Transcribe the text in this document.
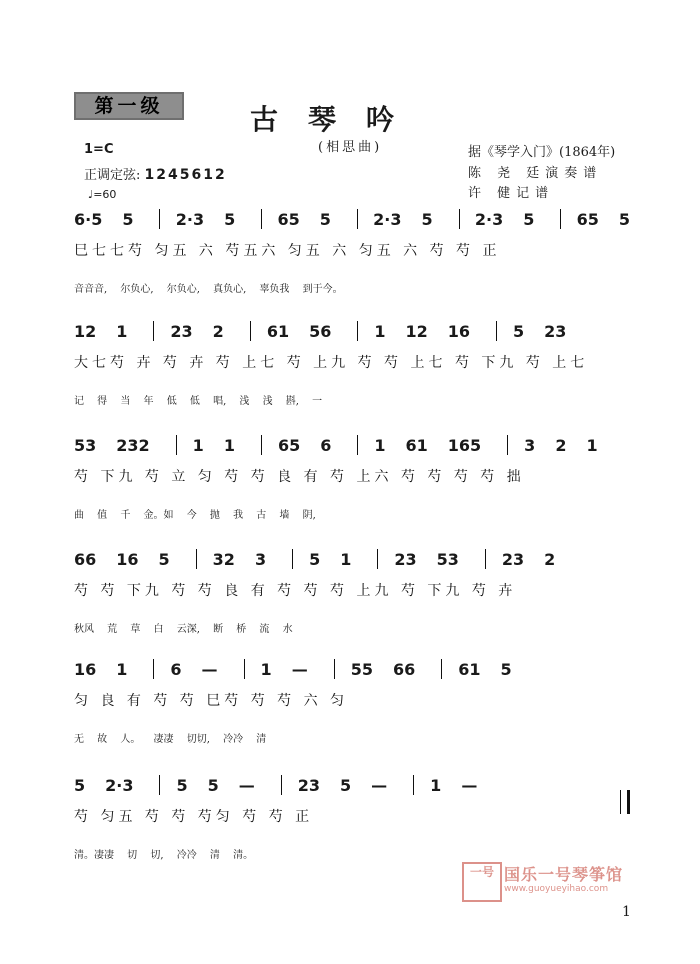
第一级	古琴吟
(相思曲)
1=C
正调定弦: 1245612
♩=60
据《琴学入门》(1864年)
陈 尧 廷演奏谱
许 健记谱
· 6·5 · 5	· 2·3 · 5	· 65 · 5	· 2·3 · 5	· 2·3 · 5	· 65 · 5
巳七七芍 匀五 六 芍五六 匀五 六 匀五 六 芍 芍 正
音音音, 尔负心, 尔负心, 真负心, 辜负我 到于今。
· 12 · 1	· 23 · 2	· 61 56	1 · 12 16	5 · 23
大七芍 卉 芍 卉 芍 上七 芍 上九 芍 芍 上七 芍 下九 芍 上七
记 得 当 年 低 低 唱, 浅 浅 斟, 一
53 232	1 1	· 65 6	1 · 61 · 165	3 2 1
芍 下九 芍 立 匀 芍 芍 良 有 芍 上六 芍 芍 芍 芍 拙
曲 值 千 金。如 今 抛 我 古 墙 阴,
66 · 16 5	32 3	5 · 1	· 23 53	· 23 2
芍 芍 下九 芍 芍 良 有 芍 芍 芍 上九 芍 下九 芍 卉
秋风 荒 草 白 云深, 断 桥 流 水
16 1	6 —	· 1 —	· 55 · 66	· 61 · 5
匀 良 有 芍 芍 巳芍 芍 芍 六 匀
无 故 人。 凄凄 切切, 冷冷 清
· 5 · 2·3	· 5 · 5 —	· 23 · 5 —	· 1 —
芍 匀五 芍 芍 芍匀 芍 芍 正
清。凄凄 切 切, 冷冷 清 清。
一号 国乐一号琴筝馆
www.guoyueyihao.com
1
